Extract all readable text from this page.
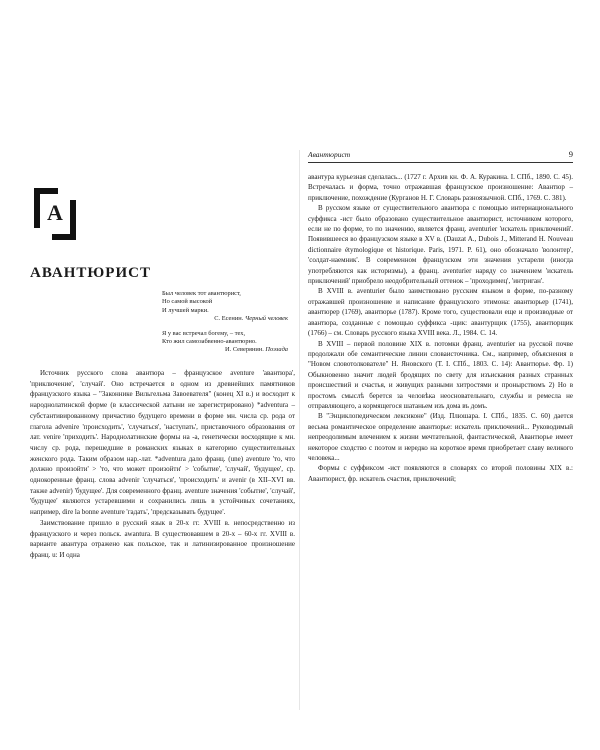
А
АВАНТЮРИСТ
Был человек тот авантюрист,
Но самой высокой
И лучшей марки.
С. Есенин. Черный человек
Я у вас встречал богему, – тех,
Кто жил самозабвенно-авантюрно.
И. Северянин. Поэзада

Источник русского слова авантюра – французское aventure 'авантюра', 'приключение', 'случай'. Оно встречается в одном из древнейших памятников французского языка – "Законнике Вильгельма Завоевателя" (конец XI в.) и восходит к народнолатинской форме (в классической латыни не зарегистрировано) *adventura – субстантивированному причастию будущего времени в форме мн. числа ср. рода от глагола advenire 'происходить', 'случаться', 'наступать', приставочного образования от лат. venire 'приходить'. Народнолатинские формы на -a, генетически восходящие к мн. числу ср. рода, перешедшие в романских языках в категорию существительных женского рода. Таким образом нар.-лат. *adventura дало франц. (une) aventure 'то, что должно произойти' > 'то, что может произойти' > 'событие', 'случай', 'будущее', ср. однокоренные франц. слова advenir 'случаться', 'происходить' и avenir (в XII–XVI вв. также advenir) 'будущее'. Для современного франц. aventure значения 'событие', 'случай', 'будущее' являются устаревшими и сохранились лишь в устойчивых сочетаниях, например, dire la bonne aventure 'гадать', 'предсказывать будущее'.

Заимствование пришло в русский язык в 20-х гг. XVIII в. непосредственно из французского и через польск. awantura. В существовавшем в 20-х – 60-х гг. XVIII в. варианте авантура отражено как польское, так и латинизированное произношение франц. u: И одна

Авантюрист	9

авантура курьезная сделалась... (1727 г. Архив кн. Ф. А. Куракина. I. СПб., 1890. С. 45). Встречалась и форма, точно отражавшая французское произношение: Авантюр – приключение, похождение (Курганов Н. Г. Словарь разноязычной. СПб., 1769. С. 381).

В русском языке от существительного авантюра с помощью интернационального суффикса -ист было образовано существительное авантюрист, источником которого, если не по форме, то по значению, является франц. aventurier 'искатель приключений'. Появившееся во французском языке в XV в. (Dauzat A., Dubois J., Mitterand H. Nouveau dictionnaire étymologique et historique. Paris, 1971. P. 61), оно обозначало 'волонтер', 'солдат-наемник'. В современном французском эти значения устарели (иногда употребляются как историзмы), а франц. aventurier наряду со значением 'искатель приключений' приобрело неодобрительный оттенок – 'проходимец', 'интриган'.

В XVIII в. aventurier было заимствовано русским языком в форме, по-разному отражавшей произношение и написание французского этимона: авантюрьер (1741), авантюрер (1769), авантюрье (1787). Кроме того, существовали еще и производные от авантюра, созданные с помощью суффикса -щик: авантурщик (1755), авантюрщик (1766) – см. Словарь русского языка XVIII века. Л., 1984. С. 14.

В XVIII – первой половине XIX в. потомки франц. aventurier на русской почве продолжали обе семантические линии словаисточника. См., например, объяснения в "Новом словотолкователе" Н. Яновского (Т. I. СПб., 1803. С. 14): Авантюрье. Фр. 1) Обыкновенно значит людей бродящих по свету для изъискания разных странных происшествий и счастья, и живущих разными хитростями и пронырствомъ 2) Но в простомъ смыслѣ берется за человѣка неосновательнаго, службы и ремесла не отправляющего, а кормящегося шатаньем изъ дома въ домъ.

В "Энциклопедическом лексиконе" (Изд. Плюшара. I. СПб., 1835. С. 60) дается весьма романтическое определение авантюрье: искатель приключений... Руководимый непреодолимым влечением к жизни мечтательной, фантастической, Авантюрье имеет некоторое сходство с поэтом и нередко на короткое время приобретает славу великого человека...

Формы с суффиксом -ист появляются в словарях со второй половины XIX в.: Авантюрист, фр. искатель счастия, приключений;
